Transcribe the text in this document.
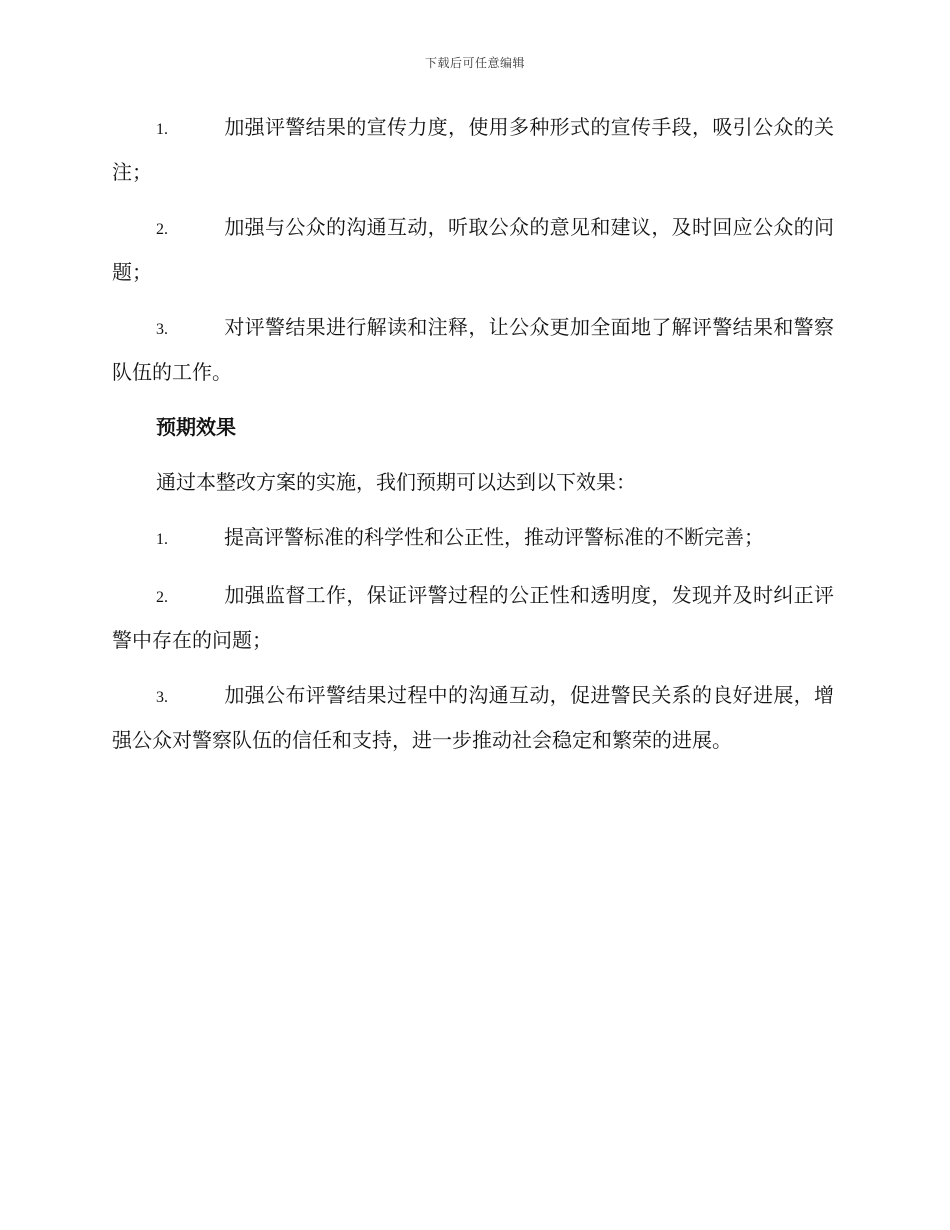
下载后可任意编辑

1.	加强评警结果的宣传力度，使用多种形式的宣传手段，吸引公众的关注；

2.	加强与公众的沟通互动，听取公众的意见和建议，及时回应公众的问题；

3.	对评警结果进行解读和注释，让公众更加全面地了解评警结果和警察队伍的工作。

预期效果

通过本整改方案的实施，我们预期可以达到以下效果：

1.	提高评警标准的科学性和公正性，推动评警标准的不断完善；

2.	加强监督工作，保证评警过程的公正性和透明度，发现并及时纠正评警中存在的问题；

3.	加强公布评警结果过程中的沟通互动，促进警民关系的良好进展，增强公众对警察队伍的信任和支持，进一步推动社会稳定和繁荣的进展。
